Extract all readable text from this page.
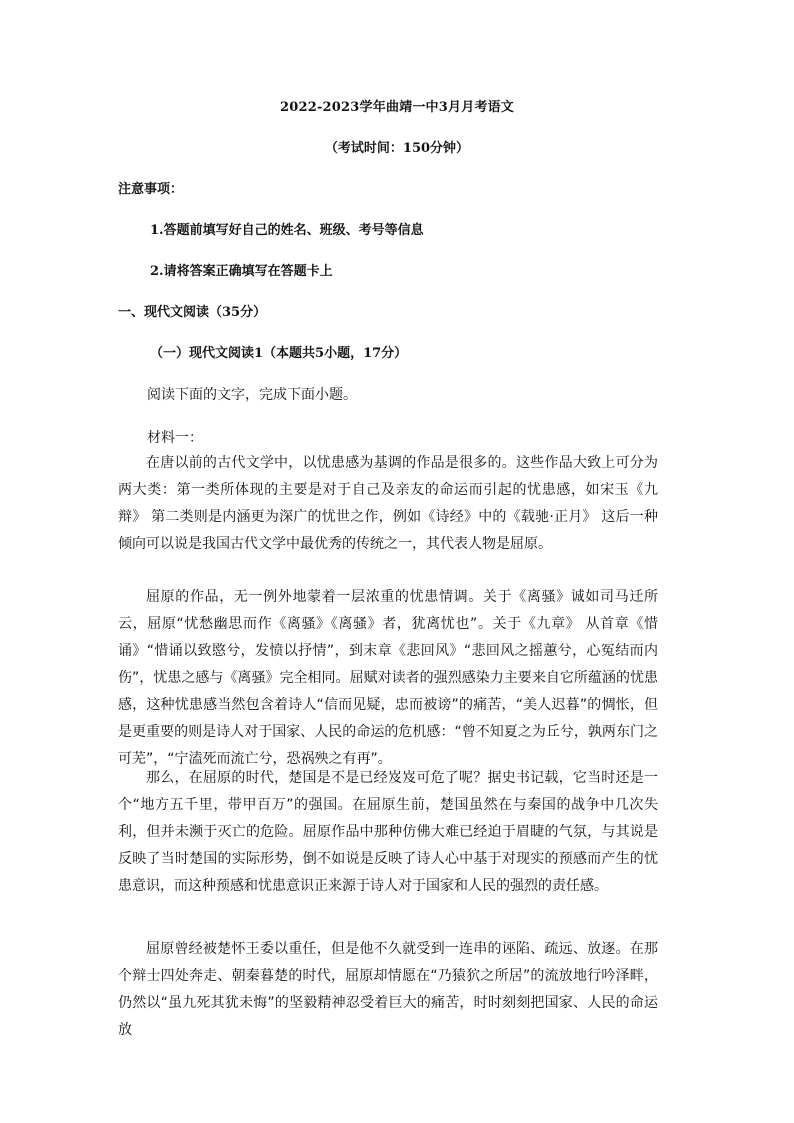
2022-2023学年曲靖一中3月月考语文
（考试时间：150分钟）
注意事项：
1.答题前填写好自己的姓名、班级、考号等信息
2.请将答案正确填写在答题卡上
一、现代文阅读（35分）
（一）现代文阅读1（本题共5小题，17分）
阅读下面的文字，完成下面小题。
材料一：

在唐以前的古代文学中，以忧患感为基调的作品是很多的。这些作品大致上可分为两大类：第一类所体现的主要是对于自己及亲友的命运而引起的忧患感，如宋玉《九辩》 第二类则是内涵更为深广的忧世之作，例如《诗经》中的《载驰·正月》 这后一种倾向可以说是我国古代文学中最优秀的传统之一，其代表人物是屈原。

屈原的作品，无一例外地蒙着一层浓重的忧患情调。关于《离骚》诚如司马迁所云，屈原“忧愁幽思而作《离骚》《离骚》者，犹离忧也”。关于《九章》 从首章《惜诵》“惜诵以致愍兮，发愤以抒情”，到末章《悲回风》“悲回风之摇蕙兮，心冤结而内伤”，忧患之感与《离骚》完全相同。屈赋对读者的强烈感染力主要来自它所蕴涵的忧患感，这种忧患感当然包含着诗人“信而见疑，忠而被谤”的痛苦，“美人迟暮”的惆怅，但是更重要的则是诗人对于国家、人民的命运的危机感：“曾不知夏之为丘兮，孰两东门之可芜”，“宁溘死而流亡兮，恐祸殃之有再”。

那么，在屈原的时代，楚国是不是已经岌岌可危了呢？据史书记载，它当时还是一个“地方五千里，带甲百万”的强国。在屈原生前，楚国虽然在与秦国的战争中几次失利，但并未濒于灭亡的危险。屈原作品中那种仿佛大难已经迫于眉睫的气氛，与其说是反映了当时楚国的实际形势，倒不如说是反映了诗人心中基于对现实的预感而产生的忧患意识，而这种预感和忧患意识正来源于诗人对于国家和人民的强烈的责任感。

屈原曾经被楚怀王委以重任，但是他不久就受到一连串的诬陷、疏远、放逐。在那个辩士四处奔走、朝秦暮楚的时代，屈原却情愿在“乃猿狖之所居”的流放地行吟泽畔，仍然以“虽九死其犹未悔”的坚毅精神忍受着巨大的痛苦，时时刻刻把国家、人民的命运放
